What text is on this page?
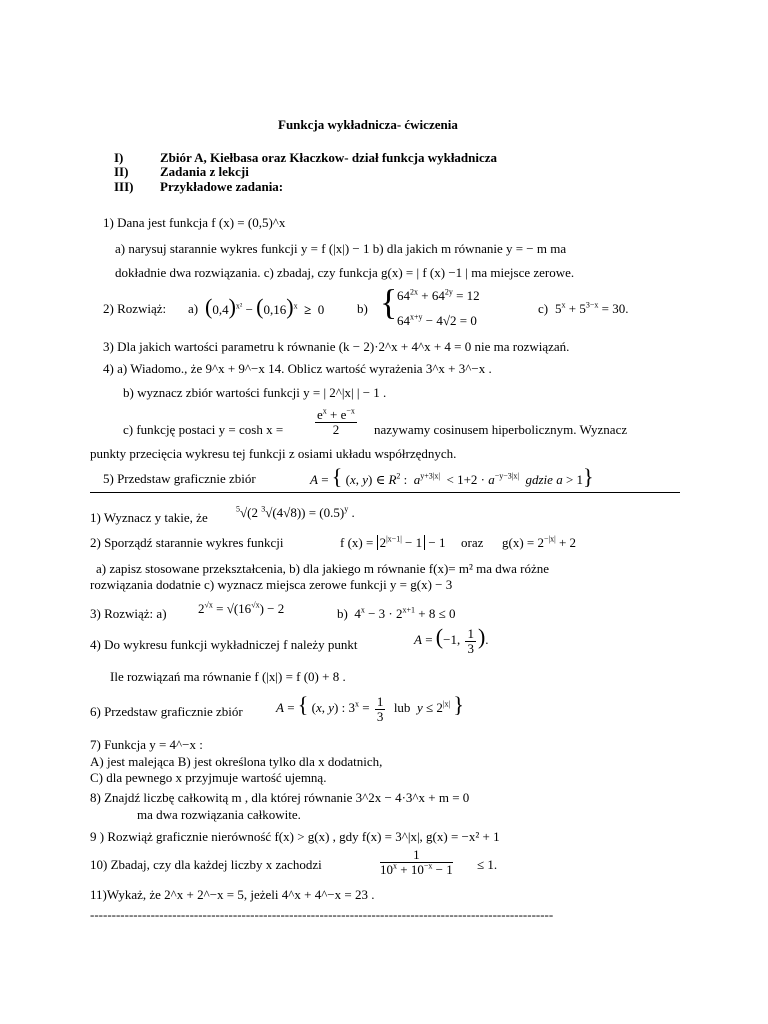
Funkcja wykładnicza- ćwiczenia
I)	Zbiór A, Kiełbasa oraz Kłaczkow- dział funkcja wykładnicza
II) Zadania z lekcji
III) Przykładowe zadania:
1) Dana jest funkcja f (x) = (0,5)^x
a) narysuj starannie wykres funkcji y = f (|x|) − 1 b) dla jakich m równanie y = − m ma
dokładnie dwa rozwiązania. c) zbadaj, czy funkcja g(x) = | f (x) −1 | ma miejsce zerowe.
2) Rozwiąż: a) $(0,4)^{x^2} - (0,16)^x \ge 0$	b) { $64^{2x} + 64^{2y} = 12$
$64^{x+y} - 4√2 = 0$
c) $5^x + 5^{3-x} = 30$.
3) Dla jakich wartości parametru k równanie (k − 2)·2^x + 4^x + 4 = 0 nie ma rozwiązań.
4) a) Wiadomo., że 9^x + 9^−x 14. Oblicz wartość wyrażenia 3^x + 3^−x .
b) wyznacz zbiór wartości funkcji y = | 2^|x| | − 1 .
c) funkcję postaci $y = \cosh x = \frac{e^x + e^{-x}}{2}$ nazywamy cosinusem hiperbolicznym. Wyznacz
punkty przecięcia wykresu tej funkcji z osiami układu współrzędnych.
5) Przedstaw graficznie zbiór	A = { (x, y) ∈ $R^2$ :  $a^{y+3|x|} < 1+2 \cdot a^{-y-3|x|}$ gdzie a > 1}
1) Wyznacz y takie, że
$^5$√(2 $^3√(4√8)) = (0.5)^y$ .
2) Sporządź starannie wykres funkcji	f $(x) = 2^{|x-1|} - 1 - 1$ oraz $g(x) = 2^{-|x|} + 2$
a) zapisz stosowane przekształcenia, b) dla jakiego m równanie f(x)= m² ma dwa różne
rozwiązania dodatnie c) wyznacz miejsca zerowe funkcji y = g(x) − 3
3) Rozwiąż: a) $2^{√x} = √(16^{√x}) - 2$	b)  $4^x - 3 \cdot 2^{x+1} + 8 \le 0$
4) Do wykresu funkcji wykładniczej f należy punkt	A = (−1, $\frac{1}{3}$ ).
Ile rozwiązań ma równanie f (|x|) = f (0) + 8 .
6) Przedstaw graficznie zbiór	A = { (x, y) : $3^x = \frac{1}{3}$ lub  $y \le 2^{|x|}$ }
7) Funkcja y = 4^−x :
A) jest malejąca B) jest określona tylko dla x dodatnich,
C) dla pewnego x przyjmuje wartość ujemną.
8) Znajdź liczbę całkowitą m , dla której równanie 3^2x − 4·3^x + m = 0
ma dwa rozwiązania całkowite.
9 ) Rozwiąż graficznie nierówność f(x) > g(x) , gdy f(x) = 3^|x|, g(x) = −x² + 1
10) Zbadaj, czy dla każdej liczby x zachodzi	$\frac{1}{10^x + 10^{-x} - 1} \le 1$.
11)Wykaż, że 2^x + 2^−x = 5, jeżeli 4^x + 4^−x = 23 .
-----------------------------------------------------------------------------------------------------------
